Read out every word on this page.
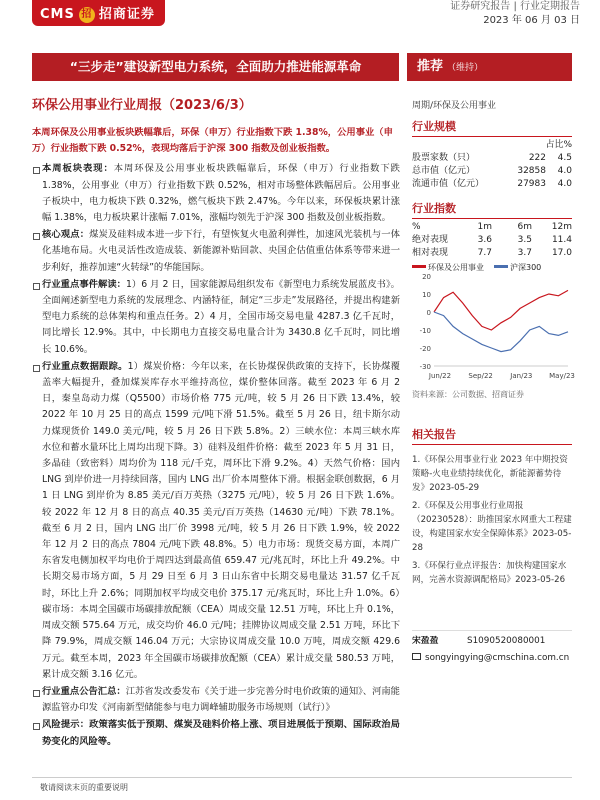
CMS 招 招商证券
证券研究报告 | 行业定期报告
2023 年 06 月 03 日
“三步走”建设新型电力系统，全面助力推进能源革命	推荐 （维持）
环保公用事业行业周报（2023/6/3）	周期/环保及公用事业
本周环保及公用事业板块跌幅靠后，环保（申万）行业指数下跌 1.38%，公用事业（申万）行业指数下跌 0.52%，表现均落后于沪深 300 指数及创业板指数。
本周板块表现：本周环保及公用事业板块跌幅靠后，环保（申万）行业指数下跌 1.38%，公用事业（申万）行业指数下跌 0.52%，相对市场整体跌幅居后。公用事业子板块中，电力板块下跌 0.32%，燃气板块下跌 2.47%。今年以来，环保板块累计涨幅 1.38%，电力板块累计涨幅 7.01%，涨幅均领先于沪深 300 指数及创业板指数。
核心观点：煤炭及硅料成本进一步下行，有望恢复火电盈利弹性，加速风光装机与一体化基地布局。火电灵活性改造成装、新能源补贴回款、央国企估值重估体系等带来进一步利好，推荐加速“火转绿”的华能国际。
行业重点事件解读：1）6 月 2 日，国家能源局组织发布《新型电力系统发展蓝皮书》。全面阐述新型电力系统的发展理念、内涵特征，制定“三步走”发展路径，并提出构建新型电力系统的总体架构和重点任务。2）4 月，全国市场交易电量 4287.3 亿千瓦时，同比增长 12.9%。其中，中长期电力直接交易电量合计为 3430.8 亿千瓦时，同比增长 10.6%。
行业重点数据跟踪。1）煤炭价格：今年以来，在长协煤保供政策的支持下，长协煤覆盖率大幅提升，叠加煤炭库存水平维持高位，煤价整体回落。截至 2023 年 6 月 2 日，秦皇岛动力煤（Q5500）市场价格 775 元/吨，较 5 月 26 日下跌 13.4%，较 2022 年 10 月 25 日的高点 1599 元/吨下滑 51.5%。截至 5 月 26 日，纽卡斯尔动力煤现货价 149.0 美元/吨，较 5 月 26 日下跌 5.8%。2）三峡水位：本周三峡水库水位和蓄水量环比上周均出现下降。3）硅料及组件价格：截至 2023 年 5 月 31 日，多晶硅（致密料）周均价为 118 元/千克，周环比下滑 9.2%。4）天然气价格：国内 LNG 到岸价进一月持续回落，国内 LNG 出厂价本周整体下滑。根据金联创数据，6 月 1 日 LNG 到岸价为 8.85 美元/百万英热（3275 元/吨），较 5 月 26 日下跌 1.6%。较 2022 年 12 月 8 日的高点 40.35 美元/百万英热（14630 元/吨）下跌 78.1%。截至 6 月 2 日，国内 LNG 出厂价 3998 元/吨，较 5 月 26 日下跌 1.9%，较 2022 年 12 月 2 日的高点 7804 元/吨下跌 48.8%。5）电力市场：现货交易方面，本周广东省发电侧加权平均电价于周四达到最高值 659.47 元/兆瓦时，环比上升 49.2%。中长期交易市场方面，5 月 29 日至 6 月 3 日山东省中长期交易电量达 31.57 亿千瓦时，环比上升 2.6%；同期加权平均成交电价 375.17 元/兆瓦时，环比上升 1.0%。6）碳市场：本周全国碳市场碳排放配额（CEA）周成交量 12.51 万吨，环比上升 0.1%，周成交额 575.64 万元，成交均价 46.0 元/吨；挂牌协议周成交量 2.51 万吨，环比下降 79.9%，周成交额 146.04 万元；大宗协议周成交量 10.0 万吨，周成交额 429.6 万元。截至本周，2023 年全国碳市场碳排放配额（CEA）累计成交量 580.53 万吨，累计成交额 3.16 亿元。
行业重点公告汇总：江苏省发改委发布《关于进一步完善分时电价政策的通知》、河南能源监管办印发《河南新型储能参与电力调峰辅助服务市场规则（试行）》
风险提示：政策落实低于预期、煤炭及硅料价格上涨、项目进展低于预期、国际政治局势变化的风险等。
行业规模
占比%
股票家数（只）	222	4.5
总市值（亿元）	32858	4.0
流通市值（亿元）	27983	4.0
行业指数
%	1m	6m	12m
绝对表现	3.6	3.5	11.4
相对表现	7.7	3.7	17.0
环保及公用事业	沪深300
20
10
0
-10
-20
-30
Jun/22 Sep/22 Jan/23 May/23
资料来源：公司数据、招商证券
相关报告
1.《环保公用事业行业 2023 年中期投资策略-火电业绩持续优化，新能源蓄势待发》2023-05-29
2.《环保及公用事业行业周报（20230528）：助推国家水网重大工程建设，构建国家水安全保障体系》2023-05-28
3.《环保行业点评报告：加快构建国家水网，完善水资源调配格局》2023-05-26
宋盈盈	S1090520080001
songyingying@cmschina.com.cn
敬请阅读末页的重要说明
